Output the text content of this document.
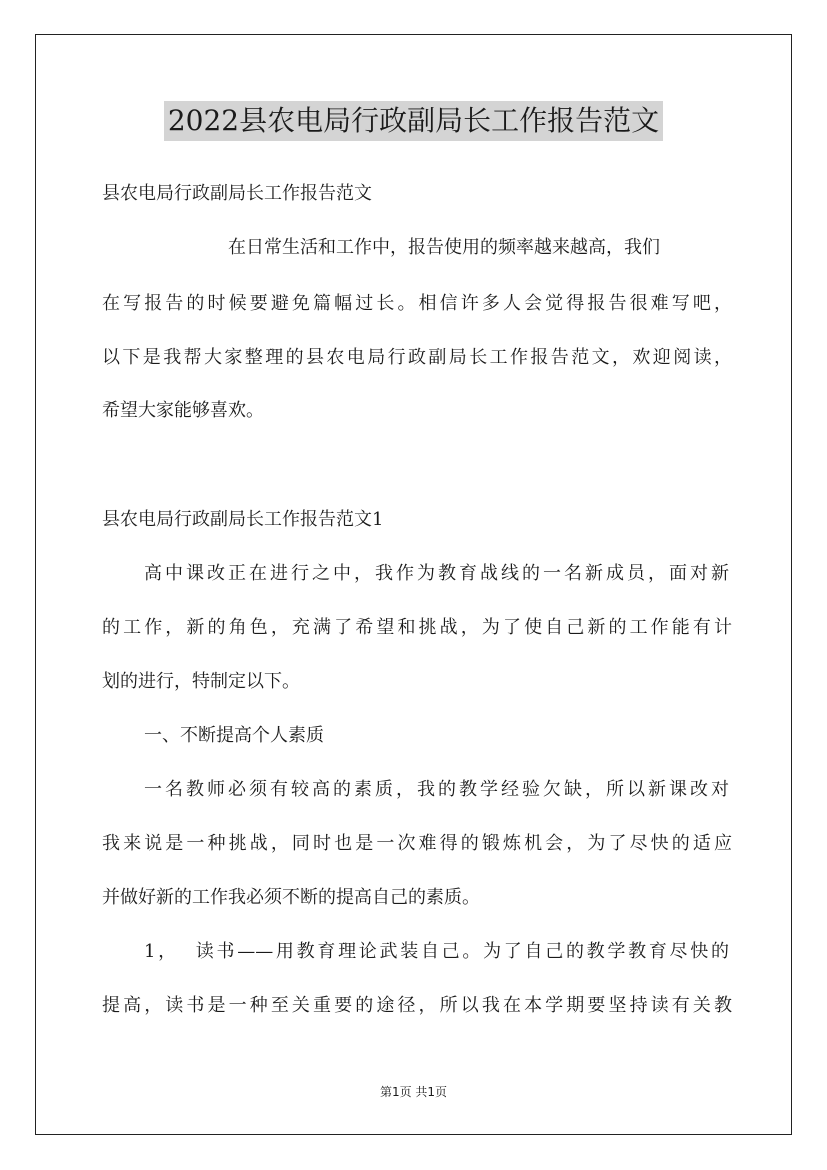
2022县农电局行政副局长工作报告范文
县农电局行政副局长工作报告范文
在日常生活和工作中，报告使用的频率越来越高，我们
在写报告的时候要避免篇幅过长。相信许多人会觉得报告很难写吧，
以下是我帮大家整理的县农电局行政副局长工作报告范文，欢迎阅读，
希望大家能够喜欢。
县农电局行政副局长工作报告范文1
高中课改正在进行之中，我作为教育战线的一名新成员，面对新
的工作，新的角色，充满了希望和挑战，为了使自己新的工作能有计
划的进行，特制定以下。
一、不断提高个人素质
一名教师必须有较高的素质，我的教学经验欠缺，所以新课改对
我来说是一种挑战，同时也是一次难得的锻炼机会，为了尽快的适应
并做好新的工作我必须不断的提高自己的素质。
1，  读书——用教育理论武装自己。为了自己的教学教育尽快的
提高，读书是一种至关重要的途径，所以我在本学期要坚持读有关教
第1页 共1页
